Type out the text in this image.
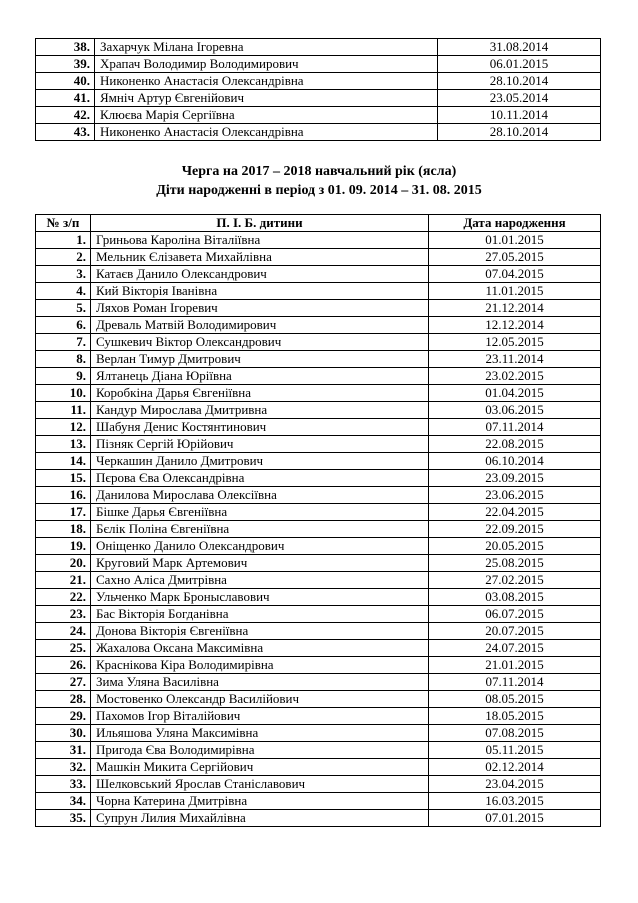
38.	Захарчук Мілана Ігоревна	31.08.2014
39.	Храпач Володимир Володимирович	06.01.2015
40.	Никоненко Анастасія Олександрівна	28.10.2014
41.	Ямніч Артур Євгенійович	23.05.2014
42.	Клюєва Марія Сергіївна	10.11.2014
43.	Никоненко Анастасія Олександрівна	28.10.2014
Черга на 2017 – 2018 навчальний рік (ясла)
Діти народженні в період з 01. 09. 2014 – 31. 08. 2015
№ з/п	П. І. Б. дитини	Дата народження
1.	Гриньова Кароліна Віталіївна	01.01.2015
2.	Мельник Єлізавета Михайлівна	27.05.2015
3.	Катаєв Данило Олександрович	07.04.2015
4.	Кий Вікторія Іванівна	11.01.2015
5.	Ляхов Роман Ігоревич	21.12.2014
6.	Древаль Матвій Володимирович	12.12.2014
7.	Сушкевич Віктор Олександрович	12.05.2015
8.	Верлан Тимур Дмитрович	23.11.2014
9.	Ялтанець Діана Юріївна	23.02.2015
10.	Коробкіна Дарья Євгеніївна	01.04.2015
11.	Кандур Мирослава Дмитривна	03.06.2015
12.	Шабуня Денис Костянтинович	07.11.2014
13.	Пізняк Сергій Юрійович	22.08.2015
14.	Черкашин Данило Дмитрович	06.10.2014
15.	Пєрова Єва Олександрівна	23.09.2015
16.	Данилова Мирослава Олексіївна	23.06.2015
17.	Бішке Дарья Євгеніївна	22.04.2015
18.	Бєлік Поліна Євгеніївна	22.09.2015
19.	Оніщенко Данило Олександрович	20.05.2015
20.	Круговий Марк Артемович	25.08.2015
21.	Сахно Аліса Дмитрівна	27.02.2015
22.	Ульченко Марк Броныславович	03.08.2015
23.	Бас Вікторія Богданівна	06.07.2015
24.	Донова Вікторія Євгеніївна	20.07.2015
25.	Жахалова Оксана Максимівна	24.07.2015
26.	Краснікова Кіра Володимирівна	21.01.2015
27.	Зима Уляна Василівна	07.11.2014
28.	Мостовенко Олександр Василійович	08.05.2015
29.	Пахомов Ігор Віталійович	18.05.2015
30.	Ильяшова Уляна Максимівна	07.08.2015
31.	Пригода Єва Володимирівна	05.11.2015
32.	Машкін Микита Сергійович	02.12.2014
33.	Шелковський Ярослав Станіславович	23.04.2015
34.	Чорна Катерина Дмитрівна	16.03.2015
35.	Супрун Лилия Михайлівна	07.01.2015
